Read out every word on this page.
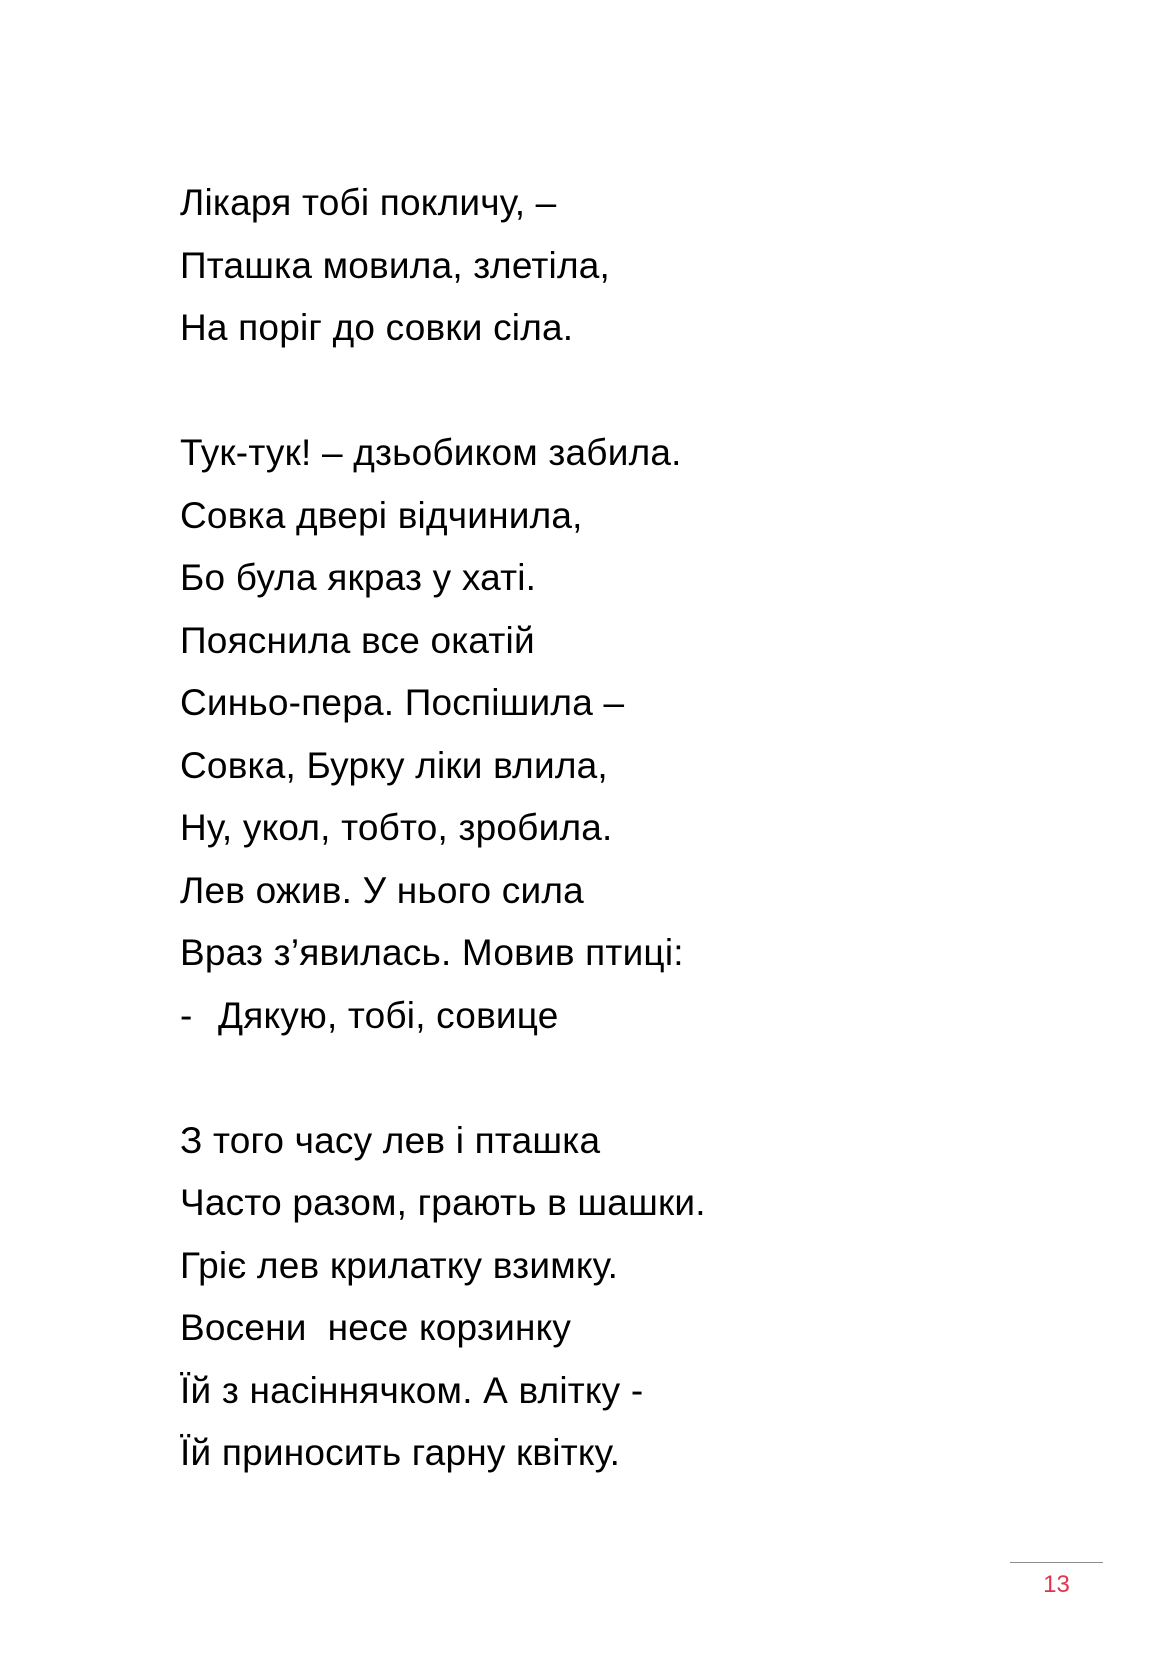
Лікаря тобі покличу, –
Пташка мовила, злетіла,
На поріг до совки сіла.
Тук-тук! – дзьобиком забила.
Совка двері відчинила,
Бо була якраз у хаті.
Пояснила все окатій
Синьо-пера. Поспішила –
Совка, Бурку ліки влила,
Ну, укол, тобто, зробила.
Лев ожив. У нього сила
Враз з’явилась. Мовив птиці:
- Дякую, тобі, совице
З того часу лев і пташка
Часто разом, грають в шашки.
Гріє лев крилатку взимку.
Восени  несе корзинку
Їй з насіннячком. А влітку -
Їй приносить гарну квітку.
13
